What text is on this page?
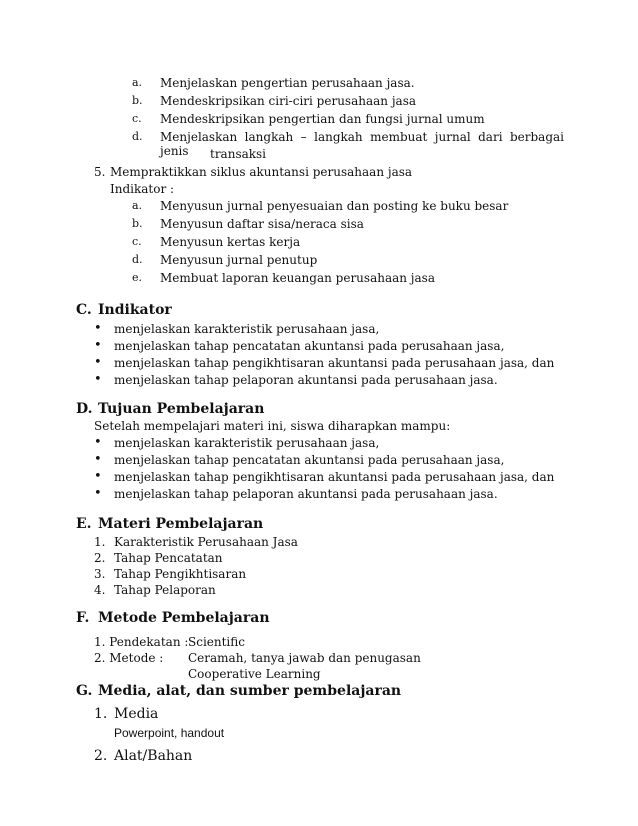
a. Menjelaskan pengertian perusahaan jasa.
b. Mendeskripsikan ciri-ciri perusahaan jasa
c. Mendeskripsikan pengertian dan fungsi jurnal umum
d. Menjelaskan langkah – langkah membuat jurnal dari berbagai jenis	transaksi
5. Mempraktikkan siklus akuntansi perusahaan jasa
Indikator :
a. Menyusun jurnal penyesuaian dan posting ke buku besar
b. Menyusun daftar sisa/neraca sisa
c. Menyusun kertas kerja
d. Menyusun jurnal penutup
e. Membuat laporan keuangan perusahaan jasa
C. Indikator
• menjelaskan karakteristik perusahaan jasa,
• menjelaskan tahap pencatatan akuntansi pada perusahaan jasa,
• menjelaskan tahap pengikhtisaran akuntansi pada perusahaan jasa, dan
• menjelaskan tahap pelaporan akuntansi pada perusahaan jasa.
D. Tujuan Pembelajaran
Setelah mempelajari materi ini, siswa diharapkan mampu:
• menjelaskan karakteristik perusahaan jasa,
• menjelaskan tahap pencatatan akuntansi pada perusahaan jasa,
• menjelaskan tahap pengikhtisaran akuntansi pada perusahaan jasa, dan
• menjelaskan tahap pelaporan akuntansi pada perusahaan jasa.
E. Materi Pembelajaran
1. Karakteristik Perusahaan Jasa
2. Tahap Pencatatan
3. Tahap Pengikhtisaran
4. Tahap Pelaporan
F. Metode Pembelajaran
1. Pendekatan : Scientific
2. Metode : Ceramah, tanya jawab dan penugasan
Cooperative Learning
G. Media, alat, dan sumber pembelajaran
1. Media
Powerpoint, handout
2. Alat/Bahan
